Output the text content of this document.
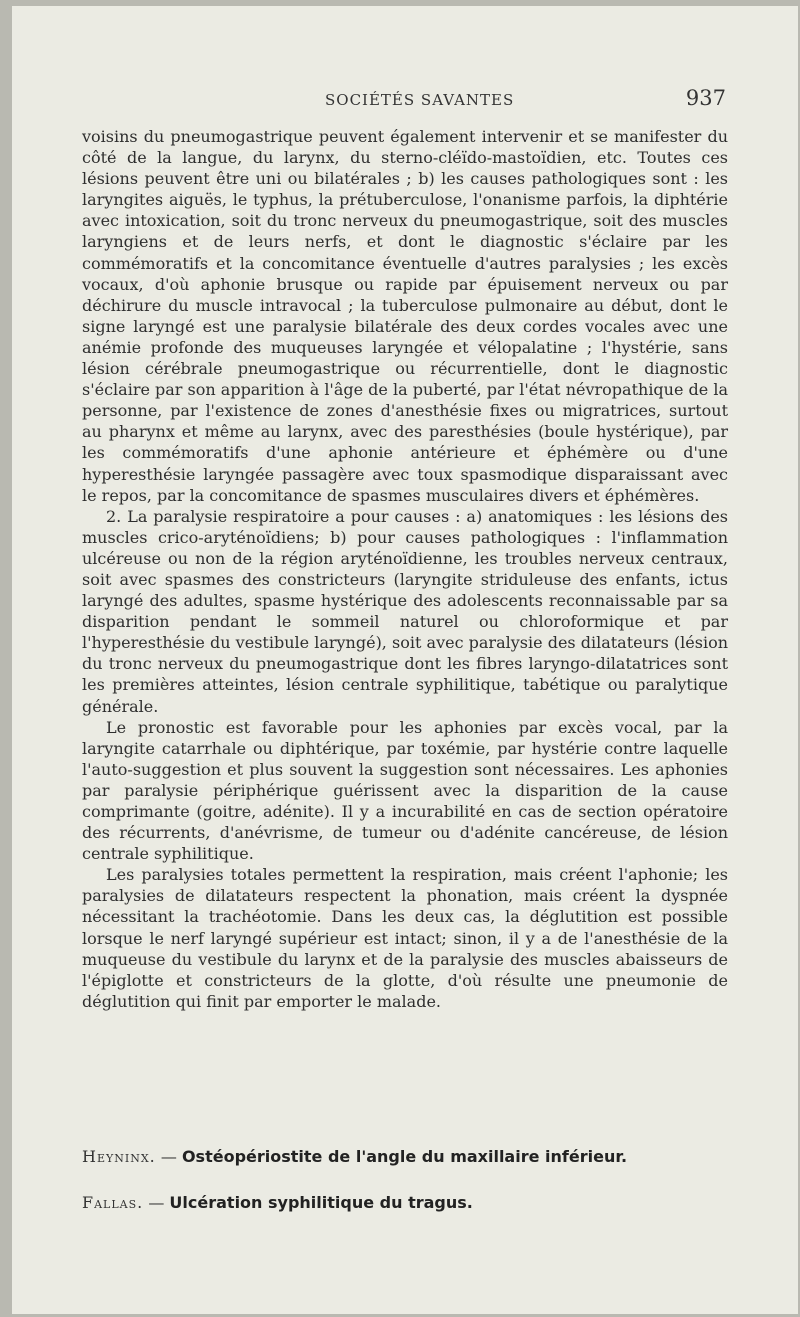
SOCIÉTÉS SAVANTES	937

voisins du pneumogastrique peuvent également intervenir et se manifester du côté de la langue, du larynx, du sterno-cléïdo-mastoïdien, etc. Toutes ces lésions peuvent être uni ou bilatérales ; b) les causes pathologiques sont : les laryngites aiguës, le typhus, la prétuberculose, l'onanisme parfois, la diphtérie avec intoxication, soit du tronc nerveux du pneumogastrique, soit des muscles laryngiens et de leurs nerfs, et dont le diagnostic s'éclaire par les commémoratifs et la concomitance éventuelle d'autres paralysies ; les excès vocaux, d'où aphonie brusque ou rapide par épuisement nerveux ou par déchirure du muscle intravocal ; la tuberculose pulmonaire au début, dont le signe laryngé est une paralysie bilatérale des deux cordes vocales avec une anémie profonde des muqueuses laryngée et vélopalatine ; l'hystérie, sans lésion cérébrale pneumogastrique ou récurrentielle, dont le diagnostic s'éclaire par son apparition à l'âge de la puberté, par l'état névropathique de la personne, par l'existence de zones d'anesthésie fixes ou migratrices, surtout au pharynx et même au larynx, avec des paresthésies (boule hystérique), par les commémoratifs d'une aphonie antérieure et éphémère ou d'une hyperesthésie laryngée passagère avec toux spasmodique disparaissant avec le repos, par la concomitance de spasmes musculaires divers et éphémères.

2. La paralysie respiratoire a pour causes : a) anatomiques : les lésions des muscles crico-aryténoïdiens; b) pour causes pathologiques : l'inflammation ulcéreuse ou non de la région aryténoïdienne, les troubles nerveux centraux, soit avec spasmes des constricteurs (laryngite striduleuse des enfants, ictus laryngé des adultes, spasme hystérique des adolescents reconnaissable par sa disparition pendant le sommeil naturel ou chloroformique et par l'hyperesthésie du vestibule laryngé), soit avec paralysie des dilatateurs (lésion du tronc nerveux du pneumogastrique dont les fibres laryngo-dilatatrices sont les premières atteintes, lésion centrale syphilitique, tabétique ou paralytique générale.

Le pronostic est favorable pour les aphonies par excès vocal, par la laryngite catarrhale ou diphtérique, par toxémie, par hystérie contre laquelle l'auto-suggestion et plus souvent la suggestion sont nécessaires. Les aphonies par paralysie périphérique guérissent avec la disparition de la cause comprimante (goitre, adénite). Il y a incurabilité en cas de section opératoire des récurrents, d'anévrisme, de tumeur ou d'adénite cancéreuse, de lésion centrale syphilitique.

Les paralysies totales permettent la respiration, mais créent l'aphonie; les paralysies de dilatateurs respectent la phonation, mais créent la dyspnée nécessitant la trachéotomie. Dans les deux cas, la déglutition est possible lorsque le nerf laryngé supérieur est intact; sinon, il y a de l'anesthésie de la muqueuse du vestibule du larynx et de la paralysie des muscles abaisseurs de l'épiglotte et constricteurs de la glotte, d'où résulte une pneumonie de déglutition qui finit par emporter le malade.

Heyninx. — Ostéopériostite de l'angle du maxillaire inférieur.
Fallas. — Ulcération syphilitique du tragus.
